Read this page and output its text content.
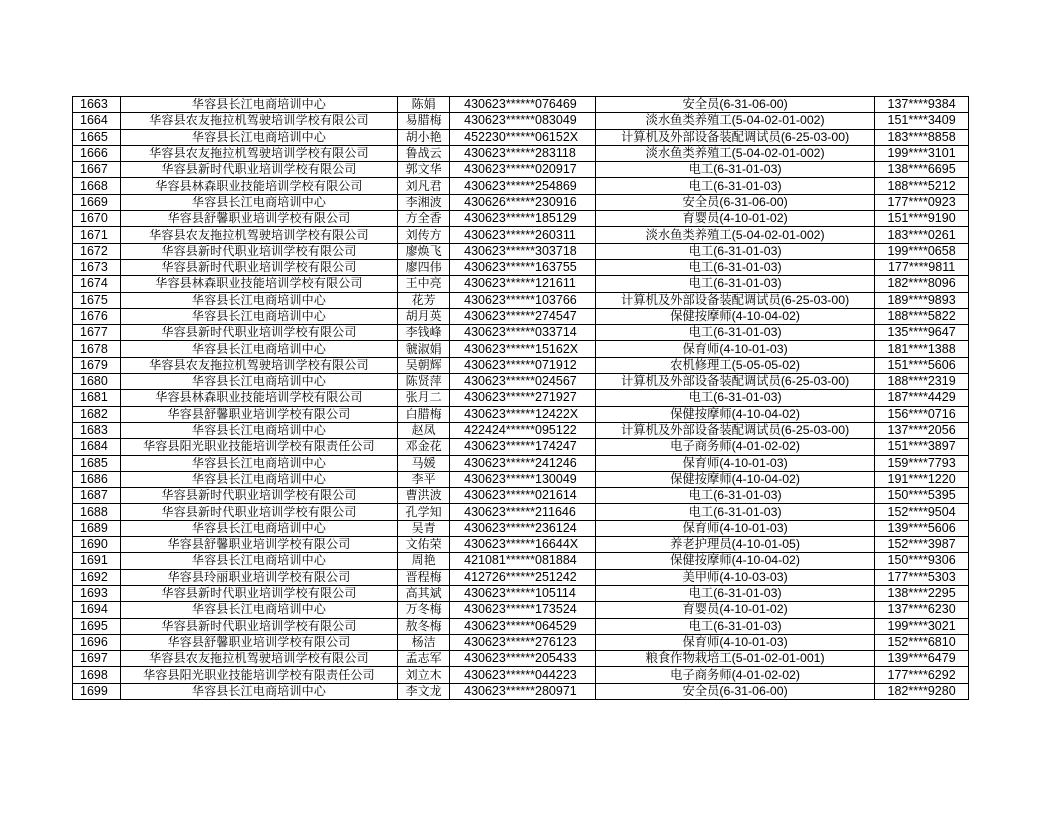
1663	华容县长江电商培训中心	陈娟	430623******076469	安全员(6-31-06-00)	137****9384
1664	华容县农友拖拉机驾驶培训学校有限公司	易腊梅	430623******083049	淡水鱼类养殖工(5-04-02-01-002)	151****3409
1665	华容县长江电商培训中心	胡小艳	452230******06152X	计算机及外部设备装配调试员(6-25-03-00)	183****8858
1666	华容县农友拖拉机驾驶培训学校有限公司	鲁战云	430623******283118	淡水鱼类养殖工(5-04-02-01-002)	199****3101
1667	华容县新时代职业培训学校有限公司	郭文华	430623******020917	电工(6-31-01-03)	138****6695
1668	华容县林森职业技能培训学校有限公司	刘凡君	430623******254869	电工(6-31-01-03)	188****5212
1669	华容县长江电商培训中心	李湘波	430626******230916	安全员(6-31-06-00)	177****0923
1670	华容县舒馨职业培训学校有限公司	方全香	430623******185129	育婴员(4-10-01-02)	151****9190
1671	华容县农友拖拉机驾驶培训学校有限公司	刘传方	430623******260311	淡水鱼类养殖工(5-04-02-01-002)	183****0261
1672	华容县新时代职业培训学校有限公司	廖焕飞	430623******303718	电工(6-31-01-03)	199****0658
1673	华容县新时代职业培训学校有限公司	廖四伟	430623******163755	电工(6-31-01-03)	177****9811
1674	华容县林森职业技能培训学校有限公司	王中亮	430623******121611	电工(6-31-01-03)	182****8096
1675	华容县长江电商培训中心	花芳	430623******103766	计算机及外部设备装配调试员(6-25-03-00)	189****9893
1676	华容县长江电商培训中心	胡月英	430623******274547	保健按摩师(4-10-04-02)	188****5822
1677	华容县新时代职业培训学校有限公司	李钱峰	430623******033714	电工(6-31-01-03)	135****9647
1678	华容县长江电商培训中心	虢淑娟	430623******15162X	保育师(4-10-01-03)	181****1388
1679	华容县农友拖拉机驾驶培训学校有限公司	吴朝辉	430623******071912	农机修理工(5-05-05-02)	151****5606
1680	华容县长江电商培训中心	陈贤萍	430623******024567	计算机及外部设备装配调试员(6-25-03-00)	188****2319
1681	华容县林森职业技能培训学校有限公司	张月二	430623******271927	电工(6-31-01-03)	187****4429
1682	华容县舒馨职业培训学校有限公司	白腊梅	430623******12422X	保健按摩师(4-10-04-02)	156****0716
1683	华容县长江电商培训中心	赵凤	422424******095122	计算机及外部设备装配调试员(6-25-03-00)	137****2056
1684	华容县阳光职业技能培训学校有限责任公司	邓金花	430623******174247	电子商务师(4-01-02-02)	151****3897
1685	华容县长江电商培训中心	马媛	430623******241246	保育师(4-10-01-03)	159****7793
1686	华容县长江电商培训中心	李平	430623******130049	保健按摩师(4-10-04-02)	191****1220
1687	华容县新时代职业培训学校有限公司	曹洪波	430623******021614	电工(6-31-01-03)	150****5395
1688	华容县新时代职业培训学校有限公司	孔学知	430623******211646	电工(6-31-01-03)	152****9504
1689	华容县长江电商培训中心	吴青	430623******236124	保育师(4-10-01-03)	139****5606
1690	华容县舒馨职业培训学校有限公司	文佑荣	430623******16644X	养老护理员(4-10-01-05)	152****3987
1691	华容县长江电商培训中心	周艳	421081******081884	保健按摩师(4-10-04-02)	150****9306
1692	华容县玲丽职业培训学校有限公司	晋程梅	412726******251242	美甲师(4-10-03-03)	177****5303
1693	华容县新时代职业培训学校有限公司	高其斌	430623******105114	电工(6-31-01-03)	138****2295
1694	华容县长江电商培训中心	万冬梅	430623******173524	育婴员(4-10-01-02)	137****6230
1695	华容县新时代职业培训学校有限公司	敖冬梅	430623******064529	电工(6-31-01-03)	199****3021
1696	华容县舒馨职业培训学校有限公司	杨洁	430623******276123	保育师(4-10-01-03)	152****6810
1697	华容县农友拖拉机驾驶培训学校有限公司	孟志军	430623******205433	粮食作物栽培工(5-01-02-01-001)	139****6479
1698	华容县阳光职业技能培训学校有限责任公司	刘立木	430623******044223	电子商务师(4-01-02-02)	177****6292
1699	华容县长江电商培训中心	李文龙	430623******280971	安全员(6-31-06-00)	182****9280
